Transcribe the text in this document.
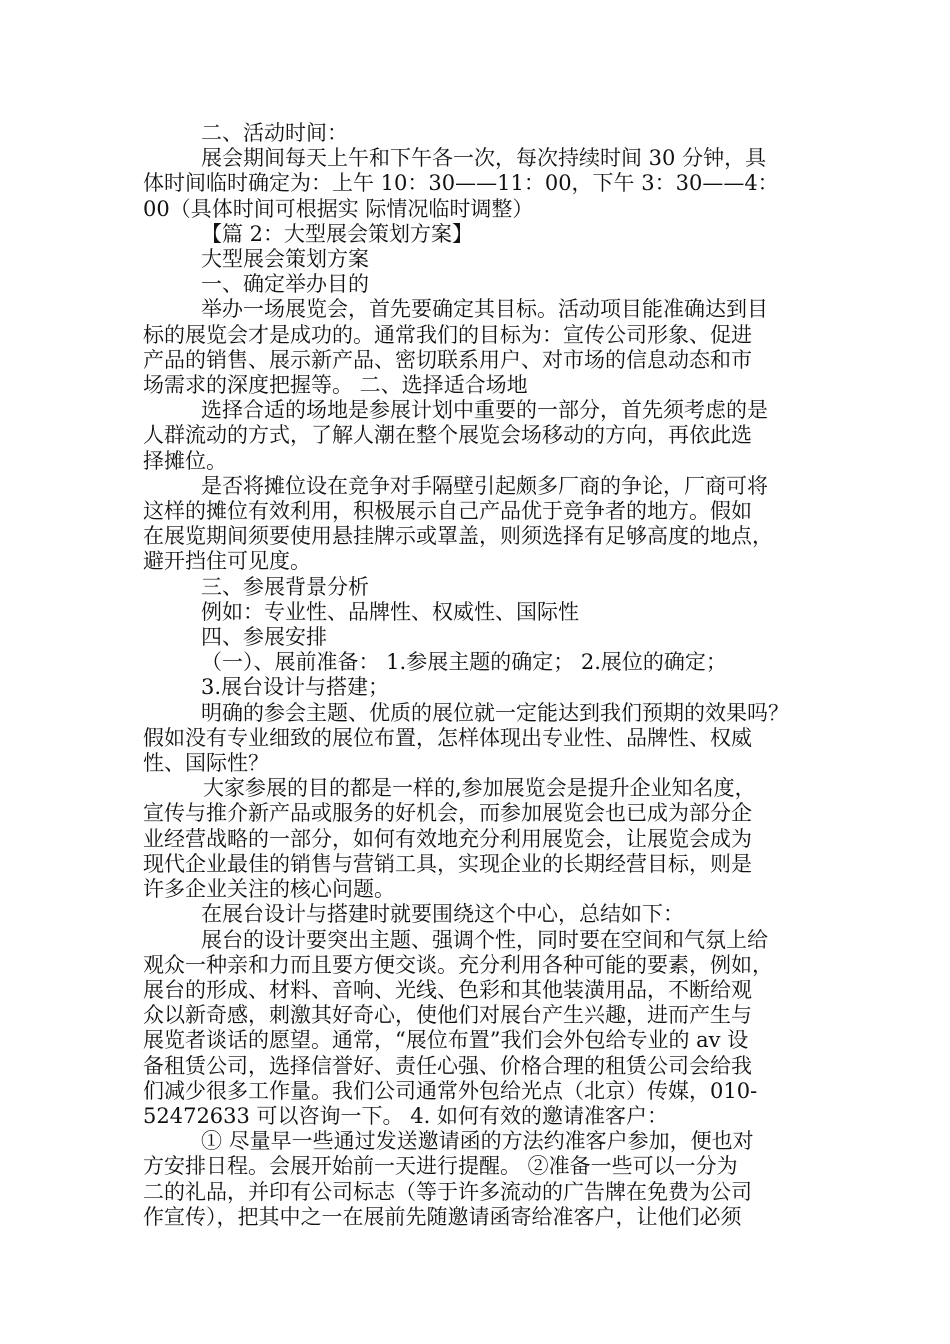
二、活动时间：

展会期间每天上午和下午各一次，每次持续时间 30 分钟，具
体时间临时确定为：上午 10：30——11：00，下午 3：30——4：
00（具体时间可根据实 际情况临时调整）

【篇 2：大型展会策划方案】
大型展会策划方案
一、确定举办目的

举办一场展览会，首先要确定其目标。活动项目能准确达到目
标的展览会才是成功的。通常我们的目标为：宣传公司形象、促进
产品的销售、展示新产品、密切联系用户、对市场的信息动态和市
场需求的深度把握等。 二、选择适合场地

选择合适的场地是参展计划中重要的一部分，首先须考虑的是
人群流动的方式，了解人潮在整个展览会场移动的方向，再依此选
择摊位。

是否将摊位设在竞争对手隔壁引起颇多厂商的争论，厂商可将
这样的摊位有效利用，积极展示自己产品优于竞争者的地方。假如
在展览期间须要使用悬挂牌示或罩盖，则须选择有足够高度的地点，
避开挡住可见度。

三、参展背景分析
例如：专业性、品牌性、权威性、国际性
四、参展安排
（一）、展前准备： 1.参展主题的确定； 2.展位的确定；
3.展台设计与搭建；

明确的参会主题、优质的展位就一定能达到我们预期的效果吗？
假如没有专业细致的展位布置，怎样体现出专业性、品牌性、权威
性、国际性？

大家参展的目的都是一样的,参加展览会是提升企业知名度，
宣传与推介新产品或服务的好机会，而参加展览会也已成为部分企
业经营战略的一部分，如何有效地充分利用展览会，让展览会成为
现代企业最佳的销售与营销工具，实现企业的长期经营目标，则是
许多企业关注的核心问题。

在展台设计与搭建时就要围绕这个中心，总结如下：

展台的设计要突出主题、强调个性，同时要在空间和气氛上给
观众一种亲和力而且要方便交谈。充分利用各种可能的要素，例如，
展台的形成、材料、音响、光线、色彩和其他装潢用品，不断给观
众以新奇感，刺激其好奇心，使他们对展台产生兴趣，进而产生与
展览者谈话的愿望。通常，“展位布置”我们会外包给专业的 av 设
备租赁公司，选择信誉好、责任心强、价格合理的租赁公司会给我
们减少很多工作量。我们公司通常外包给光点（北京）传媒，010-
52472633 可以咨询一下。 4. 如何有效的邀请准客户：

① 尽量早一些通过发送邀请函的方法约准客户参加，便也对
方安排日程。会展开始前一天进行提醒。 ②准备一些可以一分为
二的礼品，并印有公司标志（等于许多流动的广告牌在免费为公司
作宣传），把其中之一在展前先随邀请函寄给准客户，让他们必须
